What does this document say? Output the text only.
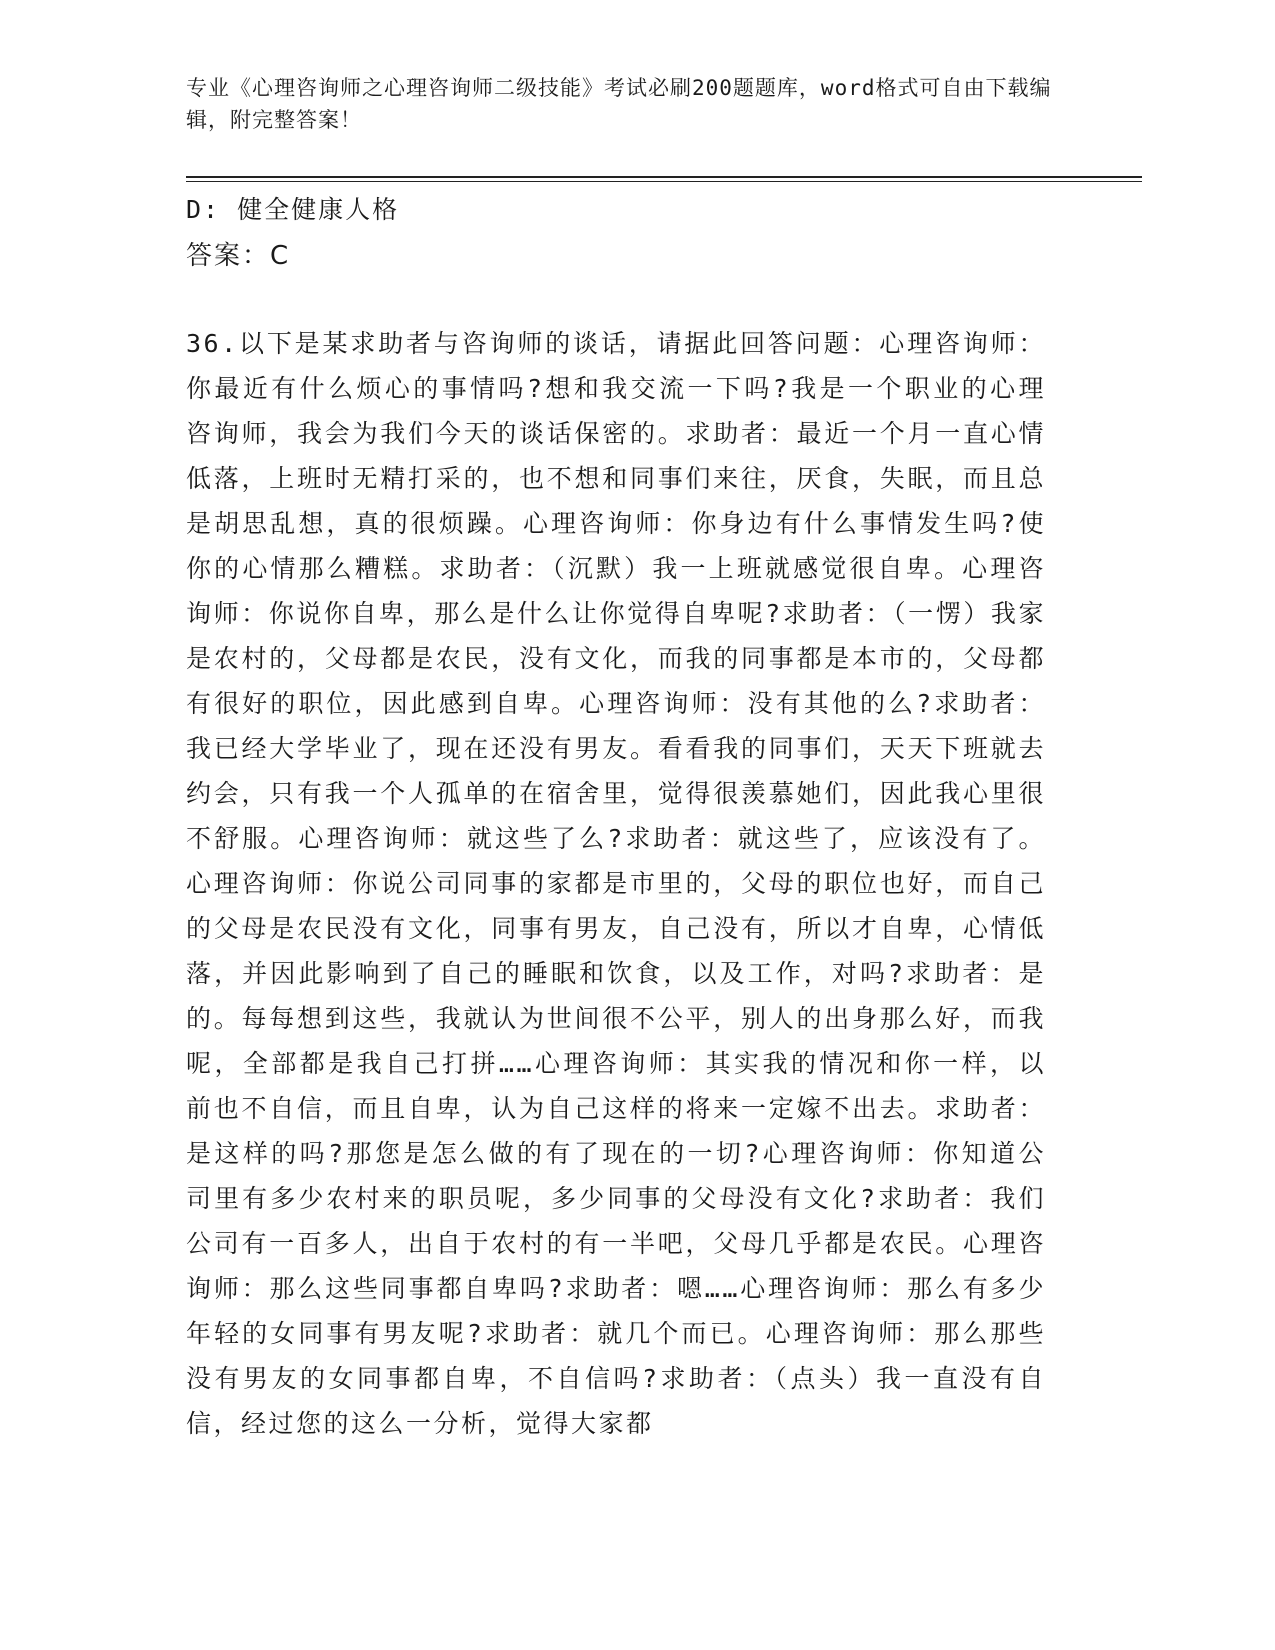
专业《心理咨询师之心理咨询师二级技能》考试必刷200题题库，word格式可自由下载编辑，附完整答案！
D: 健全健康人格
答案：C
36.以下是某求助者与咨询师的谈话，请据此回答问题：心理咨询师：你最近有什么烦心的事情吗?想和我交流一下吗?我是一个职业的心理咨询师，我会为我们今天的谈话保密的。求助者：最近一个月一直心情低落，上班时无精打采的，也不想和同事们来往，厌食，失眠，而且总是胡思乱想，真的很烦躁。心理咨询师：你身边有什么事情发生吗?使你的心情那么糟糕。求助者：（沉默）我一上班就感觉很自卑。心理咨询师：你说你自卑，那么是什么让你觉得自卑呢?求助者：（一愣）我家是农村的，父母都是农民，没有文化，而我的同事都是本市的，父母都有很好的职位，因此感到自卑。心理咨询师：没有其他的么?求助者：我已经大学毕业了，现在还没有男友。看看我的同事们，天天下班就去约会，只有我一个人孤单的在宿舍里，觉得很羡慕她们，因此我心里很不舒服。心理咨询师：就这些了么?求助者：就这些了，应该没有了。心理咨询师：你说公司同事的家都是市里的，父母的职位也好，而自己的父母是农民没有文化，同事有男友，自己没有，所以才自卑，心情低落，并因此影响到了自己的睡眠和饮食，以及工作，对吗?求助者：是的。每每想到这些，我就认为世间很不公平，别人的出身那么好，而我呢，全部都是我自己打拼……心理咨询师：其实我的情况和你一样，以前也不自信，而且自卑，认为自己这样的将来一定嫁不出去。求助者：是这样的吗?那您是怎么做的有了现在的一切?心理咨询师：你知道公司里有多少农村来的职员呢，多少同事的父母没有文化?求助者：我们公司有一百多人，出自于农村的有一半吧，父母几乎都是农民。心理咨询师：那么这些同事都自卑吗?求助者：嗯……心理咨询师：那么有多少年轻的女同事有男友呢?求助者：就几个而已。心理咨询师：那么那些没有男友的女同事都自卑，不自信吗?求助者：（点头）我一直没有自信，经过您的这么一分析，觉得大家都
